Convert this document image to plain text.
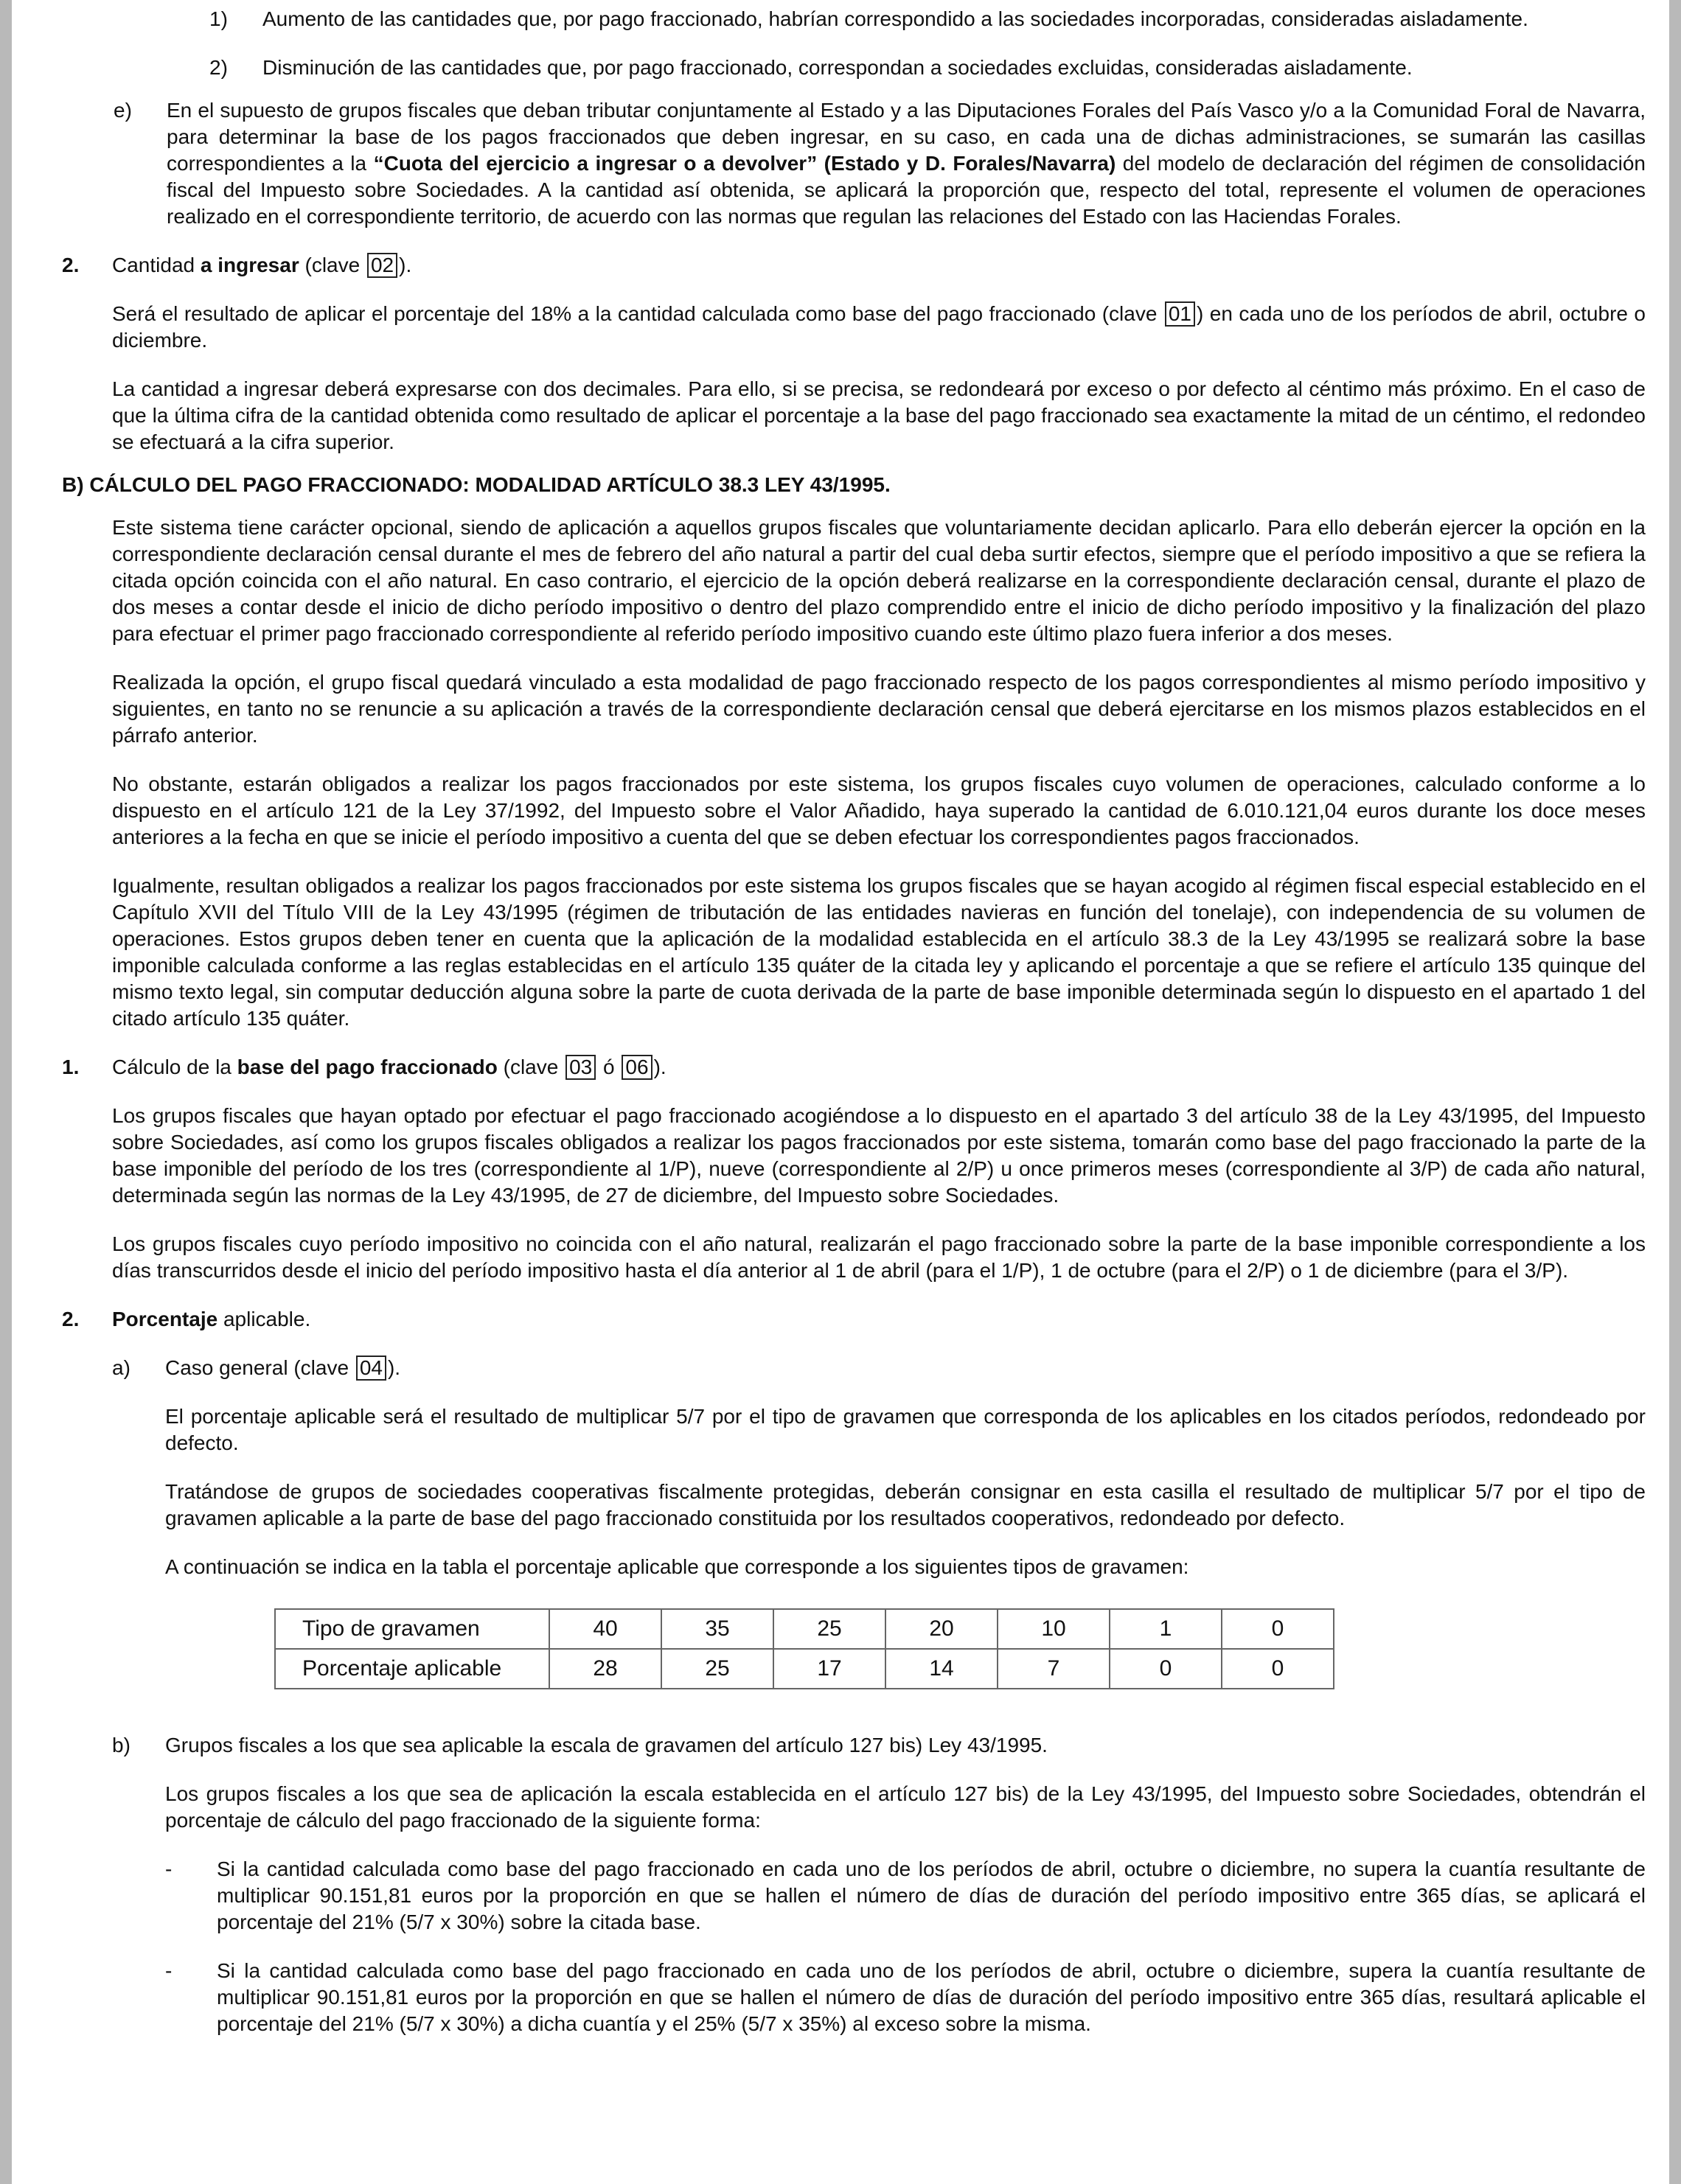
1)	Aumento de las cantidades que, por pago fraccionado, habrían correspondido a las sociedades incorporadas, consideradas aisladamente.

2)	Disminución de las cantidades que, por pago fraccionado, correspondan a sociedades excluidas, consideradas aisladamente.

e)	En el supuesto de grupos fiscales que deban tributar conjuntamente al Estado y a las Diputaciones Forales del País Vasco y/o a la Comunidad Foral de Navarra, para determinar la base de los pagos fraccionados que deben ingresar, en su caso, en cada una de dichas administraciones, se sumarán las casillas correspondientes a la “Cuota del ejercicio a ingresar o a devolver” (Estado y D. Forales/Navarra) del modelo de declaración del régimen de consolidación fiscal del Impuesto sobre Sociedades. A la cantidad así obtenida, se aplicará la proporción que, respecto del total, represente el volumen de operaciones realizado en el correspondiente territorio, de acuerdo con las normas que regulan las relaciones del Estado con las Haciendas Forales.

2.	Cantidad a ingresar (clave 02 ).

Será el resultado de aplicar el porcentaje del 18% a la cantidad calculada como base del pago fraccionado (clave 01 ) en cada uno de los períodos de abril, octubre o diciembre.

La cantidad a ingresar deberá expresarse con dos decimales. Para ello, si se precisa, se redondeará por exceso o por defecto al céntimo más próximo. En el caso de que la última cifra de la cantidad obtenida como resultado de aplicar el porcentaje a la base del pago fraccionado sea exactamente la mitad de un céntimo, el redondeo se efectuará a la cifra superior.

B) CÁLCULO DEL PAGO FRACCIONADO: MODALIDAD ARTÍCULO 38.3 LEY 43/1995.

Este sistema tiene carácter opcional, siendo de aplicación a aquellos grupos fiscales que voluntariamente decidan aplicarlo. Para ello deberán ejercer la opción en la correspondiente declaración censal durante el mes de febrero del año natural a partir del cual deba surtir efectos, siempre que el período impositivo a que se refiera la citada opción coincida con el año natural. En caso contrario, el ejercicio de la opción deberá realizarse en la correspondiente declaración censal, durante el plazo de dos meses a contar desde el inicio de dicho período impositivo o dentro del plazo comprendido entre el inicio de dicho período impositivo y la finalización del plazo para efectuar el primer pago fraccionado correspondiente al referido período impositivo cuando este último plazo fuera inferior a dos meses.

Realizada la opción, el grupo fiscal quedará vinculado a esta modalidad de pago fraccionado respecto de los pagos correspondientes al mismo período impositivo y siguientes, en tanto no se renuncie a su aplicación a través de la correspondiente declaración censal que deberá ejercitarse en los mismos plazos establecidos en el párrafo anterior.

No obstante, estarán obligados a realizar los pagos fraccionados por este sistema, los grupos fiscales cuyo volumen de operaciones, calculado conforme a lo dispuesto en el artículo 121 de la Ley 37/1992, del Impuesto sobre el Valor Añadido, haya superado la cantidad de 6.010.121,04 euros durante los doce meses anteriores a la fecha en que se inicie el período impositivo a cuenta del que se deben efectuar los correspondientes pagos fraccionados.

Igualmente, resultan obligados a realizar los pagos fraccionados por este sistema los grupos fiscales que se hayan acogido al régimen fiscal especial establecido en el Capítulo XVII del Título VIII de la Ley 43/1995 (régimen de tributación de las entidades navieras en función del tonelaje), con independencia de su volumen de operaciones. Estos grupos deben tener en cuenta que la aplicación de la modalidad establecida en el artículo 38.3 de la Ley 43/1995 se realizará sobre la base imponible calculada conforme a las reglas establecidas en el artículo 135 quáter de la citada ley y aplicando el porcentaje a que se refiere el artículo 135 quinque del mismo texto legal, sin computar deducción alguna sobre la parte de cuota derivada de la parte de base imponible determinada según lo dispuesto en el apartado 1 del citado artículo 135 quáter.

1.	Cálculo de la base del pago fraccionado (clave 03 ó 06 ).

Los grupos fiscales que hayan optado por efectuar el pago fraccionado acogiéndose a lo dispuesto en el apartado 3 del artículo 38 de la Ley 43/1995, del Impuesto sobre Sociedades, así como los grupos fiscales obligados a realizar los pagos fraccionados por este sistema, tomarán como base del pago fraccionado la parte de la base imponible del período de los tres (correspondiente al 1/P), nueve (correspondiente al 2/P) u once primeros meses (correspondiente al 3/P) de cada año natural, determinada según las normas de la Ley 43/1995, de 27 de diciembre, del Impuesto sobre Sociedades.

Los grupos fiscales cuyo período impositivo no coincida con el año natural, realizarán el pago fraccionado sobre la parte de la base imponible correspondiente a los días transcurridos desde el inicio del período impositivo hasta el día anterior al 1 de abril (para el 1/P), 1 de octubre (para el 2/P) o 1 de diciembre (para el 3/P).

2.	Porcentaje aplicable.

a)	Caso general (clave 04 ).

El porcentaje aplicable será el resultado de multiplicar 5/7 por el tipo de gravamen que corresponda de los aplicables en los citados períodos, redondeado por defecto.

Tratándose de grupos de sociedades cooperativas fiscalmente protegidas, deberán consignar en esta casilla el resultado de multiplicar 5/7 por el tipo de gravamen aplicable a la parte de base del pago fraccionado constituida por los resultados cooperativos, redondeado por defecto.

A continuación se indica en la tabla el porcentaje aplicable que corresponde a los siguientes tipos de gravamen:

Tipo de gravamen	40	35	25	20	10	1	0
Porcentaje aplicable	28	25	17	14	7	0	0
b)	Grupos fiscales a los que sea aplicable la escala de gravamen del artículo 127 bis) Ley 43/1995.

Los grupos fiscales a los que sea de aplicación la escala establecida en el artículo 127 bis) de la Ley 43/1995, del Impuesto sobre Sociedades, obtendrán el porcentaje de cálculo del pago fraccionado de la siguiente forma:

-	Si la cantidad calculada como base del pago fraccionado en cada uno de los períodos de abril, octubre o diciembre, no supera la cuantía resultante de multiplicar 90.151,81 euros por la proporción en que se hallen el número de días de duración del período impositivo entre 365 días, se aplicará el porcentaje del 21% (5/7 x 30%) sobre la citada base.

-	Si la cantidad calculada como base del pago fraccionado en cada uno de los períodos de abril, octubre o diciembre, supera la cuantía resultante de multiplicar 90.151,81 euros por la proporción en que se hallen el número de días de duración del período impositivo entre 365 días, resultará aplicable el porcentaje del 21% (5/7 x 30%) a dicha cuantía y el 25% (5/7 x 35%) al exceso sobre la misma.
